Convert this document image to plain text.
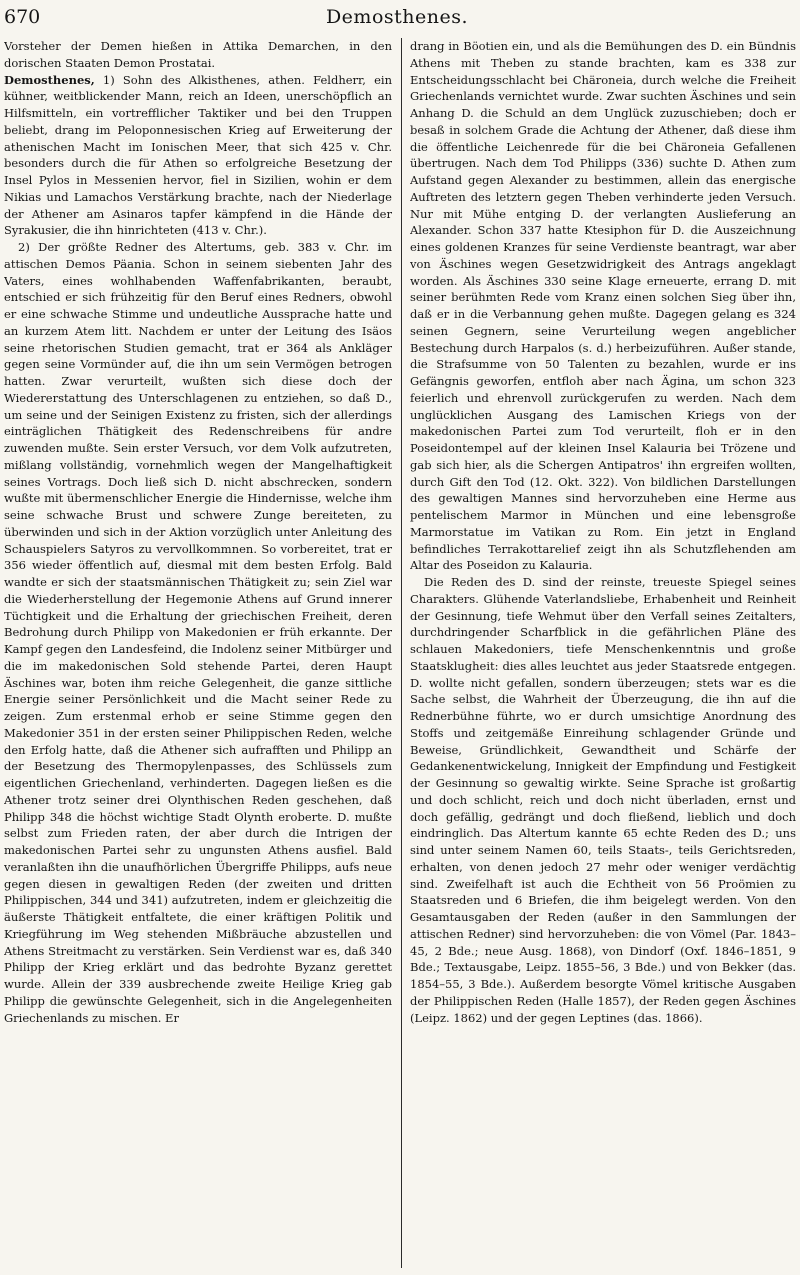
670	Demosthenes.

Vorsteher der Demen hießen in Attika Demarchen, in den dorischen Staaten Demon Prostatai.

Demosthenes, 1) Sohn des Alkisthenes, athen. Feldherr, ein kühner, weitblickender Mann, reich an Ideen, unerschöpflich an Hilfsmitteln, ein vortrefflicher Taktiker und bei den Truppen beliebt, drang im Peloponnesischen Krieg auf Erweiterung der athenischen Macht im Ionischen Meer, that sich 425 v. Chr. besonders durch die für Athen so erfolgreiche Besetzung der Insel Pylos in Messenien hervor, fiel in Sizilien, wohin er dem Nikias und Lamachos Verstärkung brachte, nach der Niederlage der Athener am Asinaros tapfer kämpfend in die Hände der Syrakusier, die ihn hinrichteten (413 v. Chr.).

2) Der größte Redner des Altertums, geb. 383 v. Chr. im attischen Demos Päania. Schon in seinem siebenten Jahr des Vaters, eines wohlhabenden Waffenfabrikanten, beraubt, entschied er sich frühzeitig für den Beruf eines Redners, obwohl er eine schwache Stimme und undeutliche Aussprache hatte und an kurzem Atem litt. Nachdem er unter der Leitung des Isäos seine rhetorischen Studien gemacht, trat er 364 als Ankläger gegen seine Vormünder auf, die ihn um sein Vermögen betrogen hatten. Zwar verurteilt, wußten sich diese doch der Wiedererstattung des Unterschlagenen zu entziehen, so daß D., um seine und der Seinigen Existenz zu fristen, sich der allerdings einträglichen Thätigkeit des Redenschreibens für andre zuwenden mußte. Sein erster Versuch, vor dem Volk aufzutreten, mißlang vollständig, vornehmlich wegen der Mangelhaftigkeit seines Vortrags. Doch ließ sich D. nicht abschrecken, sondern wußte mit übermenschlicher Energie die Hindernisse, welche ihm seine schwache Brust und schwere Zunge bereiteten, zu überwinden und sich in der Aktion vorzüglich unter Anleitung des Schauspielers Satyros zu vervollkommnen. So vorbereitet, trat er 356 wieder öffentlich auf, diesmal mit dem besten Erfolg. Bald wandte er sich der staatsmännischen Thätigkeit zu; sein Ziel war die Wiederherstellung der Hegemonie Athens auf Grund innerer Tüchtigkeit und die Erhaltung der griechischen Freiheit, deren Bedrohung durch Philipp von Makedonien er früh erkannte. Der Kampf gegen den Landesfeind, die Indolenz seiner Mitbürger und die im makedonischen Sold stehende Partei, deren Haupt Äschines war, boten ihm reiche Gelegenheit, die ganze sittliche Energie seiner Persönlichkeit und die Macht seiner Rede zu zeigen. Zum erstenmal erhob er seine Stimme gegen den Makedonier 351 in der ersten seiner Philippischen Reden, welche den Erfolg hatte, daß die Athener sich aufrafften und Philipp an der Besetzung des Thermopylenpasses, des Schlüssels zum eigentlichen Griechenland, verhinderten. Dagegen ließen es die Athener trotz seiner drei Olynthischen Reden geschehen, daß Philipp 348 die höchst wichtige Stadt Olynth eroberte. D. mußte selbst zum Frieden raten, der aber durch die Intrigen der makedonischen Partei sehr zu ungunsten Athens ausfiel. Bald veranlaßten ihn die unaufhörlichen Übergriffe Philipps, aufs neue gegen diesen in gewaltigen Reden (der zweiten und dritten Philippischen, 344 und 341) aufzutreten, indem er gleichzeitig die äußerste Thätigkeit entfaltete, die einer kräftigen Politik und Kriegführung im Weg stehenden Mißbräuche abzustellen und Athens Streitmacht zu verstärken. Sein Verdienst war es, daß 340 Philipp der Krieg erklärt und das bedrohte Byzanz gerettet wurde. Allein der 339 ausbrechende zweite Heilige Krieg gab Philipp die gewünschte Gelegenheit, sich in die Angelegenheiten Griechenlands zu mischen. Er

drang in Böotien ein, und als die Bemühungen des D. ein Bündnis Athens mit Theben zu stande brachten, kam es 338 zur Entscheidungsschlacht bei Chäroneia, durch welche die Freiheit Griechenlands vernichtet wurde. Zwar suchten Äschines und sein Anhang D. die Schuld an dem Unglück zuzuschieben; doch er besaß in solchem Grade die Achtung der Athener, daß diese ihm die öffentliche Leichenrede für die bei Chäroneia Gefallenen übertrugen. Nach dem Tod Philipps (336) suchte D. Athen zum Aufstand gegen Alexander zu bestimmen, allein das energische Auftreten des letztern gegen Theben verhinderte jeden Versuch. Nur mit Mühe entging D. der verlangten Auslieferung an Alexander. Schon 337 hatte Ktesiphon für D. die Auszeichnung eines goldenen Kranzes für seine Verdienste beantragt, war aber von Äschines wegen Gesetzwidrigkeit des Antrags angeklagt worden. Als Äschines 330 seine Klage erneuerte, errang D. mit seiner berühmten Rede vom Kranz einen solchen Sieg über ihn, daß er in die Verbannung gehen mußte. Dagegen gelang es 324 seinen Gegnern, seine Verurteilung wegen angeblicher Bestechung durch Harpalos (s. d.) herbeizuführen. Außer stande, die Strafsumme von 50 Talenten zu bezahlen, wurde er ins Gefängnis geworfen, entfloh aber nach Ägina, um schon 323 feierlich und ehrenvoll zurückgerufen zu werden. Nach dem unglücklichen Ausgang des Lamischen Kriegs von der makedonischen Partei zum Tod verurteilt, floh er in den Poseidontempel auf der kleinen Insel Kalauria bei Trözene und gab sich hier, als die Schergen Antipatros' ihn ergreifen wollten, durch Gift den Tod (12. Okt. 322). Von bildlichen Darstellungen des gewaltigen Mannes sind hervorzuheben eine Herme aus pentelischem Marmor in München und eine lebensgroße Marmorstatue im Vatikan zu Rom. Ein jetzt in England befindliches Terrakottarelief zeigt ihn als Schutzflehenden am Altar des Poseidon zu Kalauria.

Die Reden des D. sind der reinste, treueste Spiegel seines Charakters. Glühende Vaterlandsliebe, Erhabenheit und Reinheit der Gesinnung, tiefe Wehmut über den Verfall seines Zeitalters, durchdringender Scharfblick in die gefährlichen Pläne des schlauen Makedoniers, tiefe Menschenkenntnis und große Staatsklugheit: dies alles leuchtet aus jeder Staatsrede entgegen. D. wollte nicht gefallen, sondern überzeugen; stets war es die Sache selbst, die Wahrheit der Überzeugung, die ihn auf die Rednerbühne führte, wo er durch umsichtige Anordnung des Stoffs und zeitgemäße Einreihung schlagender Gründe und Beweise, Gründlichkeit, Gewandtheit und Schärfe der Gedankenentwickelung, Innigkeit der Empfindung und Festigkeit der Gesinnung so gewaltig wirkte. Seine Sprache ist großartig und doch schlicht, reich und doch nicht überladen, ernst und doch gefällig, gedrängt und doch fließend, lieblich und doch eindringlich. Das Altertum kannte 65 echte Reden des D.; uns sind unter seinem Namen 60, teils Staats-, teils Gerichtsreden, erhalten, von denen jedoch 27 mehr oder weniger verdächtig sind. Zweifelhaft ist auch die Echtheit von 56 Proömien zu Staatsreden und 6 Briefen, die ihm beigelegt werden. Von den Gesamtausgaben der Reden (außer in den Sammlungen der attischen Redner) sind hervorzuheben: die von Vömel (Par. 1843–45, 2 Bde.; neue Ausg. 1868), von Dindorf (Oxf. 1846–1851, 9 Bde.; Textausgabe, Leipz. 1855–56, 3 Bde.) und von Bekker (das. 1854–55, 3 Bde.). Außerdem besorgte Vömel kritische Ausgaben der Philippischen Reden (Halle 1857), der Reden gegen Äschines (Leipz. 1862) und der gegen Leptines (das. 1866).
